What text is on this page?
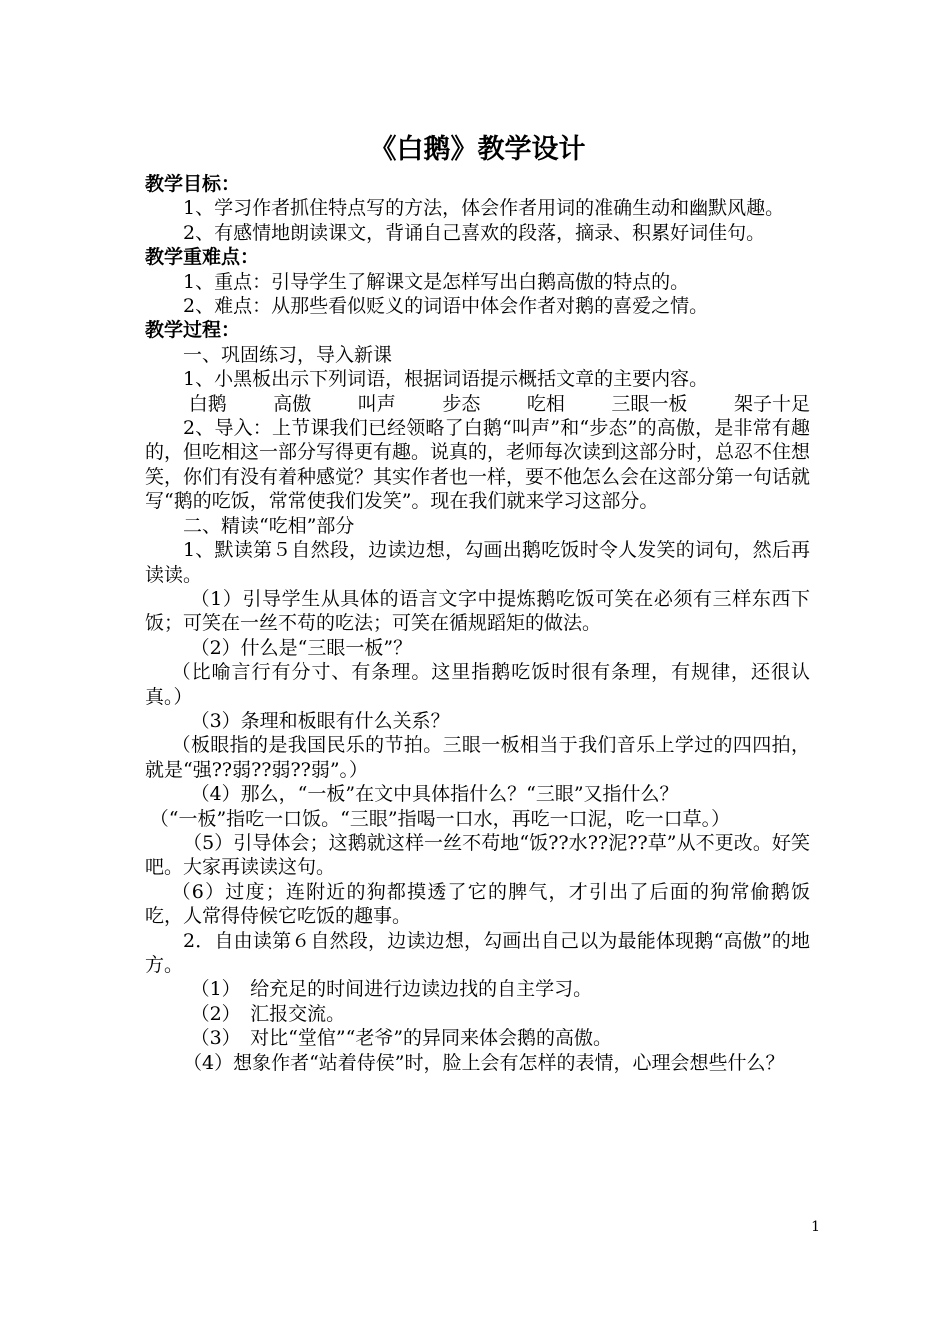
《白鹅》教学设计
教学目标：
1、学习作者抓住特点写的方法，体会作者用词的准确生动和幽默风趣。
2、有感情地朗读课文，背诵自己喜欢的段落，摘录、积累好词佳句。
教学重难点：
1、重点：引导学生了解课文是怎样写出白鹅高傲的特点的。
2、难点：从那些看似贬义的词语中体会作者对鹅的喜爱之情。
教学过程：
一、巩固练习，导入新课
1、小黑板出示下列词语，根据词语提示概括文章的主要内容。
白鹅 高傲 叫声 步态 吃相 三眼一板 架子十足
2、导入：上节课我们已经领略了白鹅“叫声”和“步态”的高傲，是非常有趣的，但吃相这一部分写得更有趣。说真的，老师每次读到这部分时，总忍不住想笑，你们有没有着种感觉？其实作者也一样，要不他怎么会在这部分第一句话就写“鹅的吃饭，常常使我们发笑”。现在我们就来学习这部分。
二、精读“吃相”部分
1、默读第５自然段，边读边想，勾画出鹅吃饭时令人发笑的词句，然后再读读。
（1）引导学生从具体的语言文字中提炼鹅吃饭可笑在必须有三样东西下饭；可笑在一丝不苟的吃法；可笑在循规蹈矩的做法。
（2）什么是“三眼一板”？
（比喻言行有分寸、有条理。这里指鹅吃饭时很有条理，有规律，还很认真。）
（3）条理和板眼有什么关系？
（板眼指的是我国民乐的节拍。三眼一板相当于我们音乐上学过的四四拍，就是“强??弱??弱??弱”。）
（4）那么，“一板”在文中具体指什么？“三眼”又指什么？
（“一板”指吃一口饭。“三眼”指喝一口水，再吃一口泥，吃一口草。）
（5）引导体会；这鹅就这样一丝不苟地“饭??水??泥??草”从不更改。好笑吧。大家再读读这句。
（6）过度；连附近的狗都摸透了它的脾气，才引出了后面的狗常偷鹅饭吃，人常得侍候它吃饭的趣事。
2．自由读第６自然段，边读边想，勾画出自己以为最能体现鹅“高傲”的地方。
（1）　给充足的时间进行边读边找的自主学习。
（2）　汇报交流。
（3）　对比“堂倌”“老爷”的异同来体会鹅的高傲。
（4）想象作者“站着侍侯”时，脸上会有怎样的表情，心理会想些什么？
1
